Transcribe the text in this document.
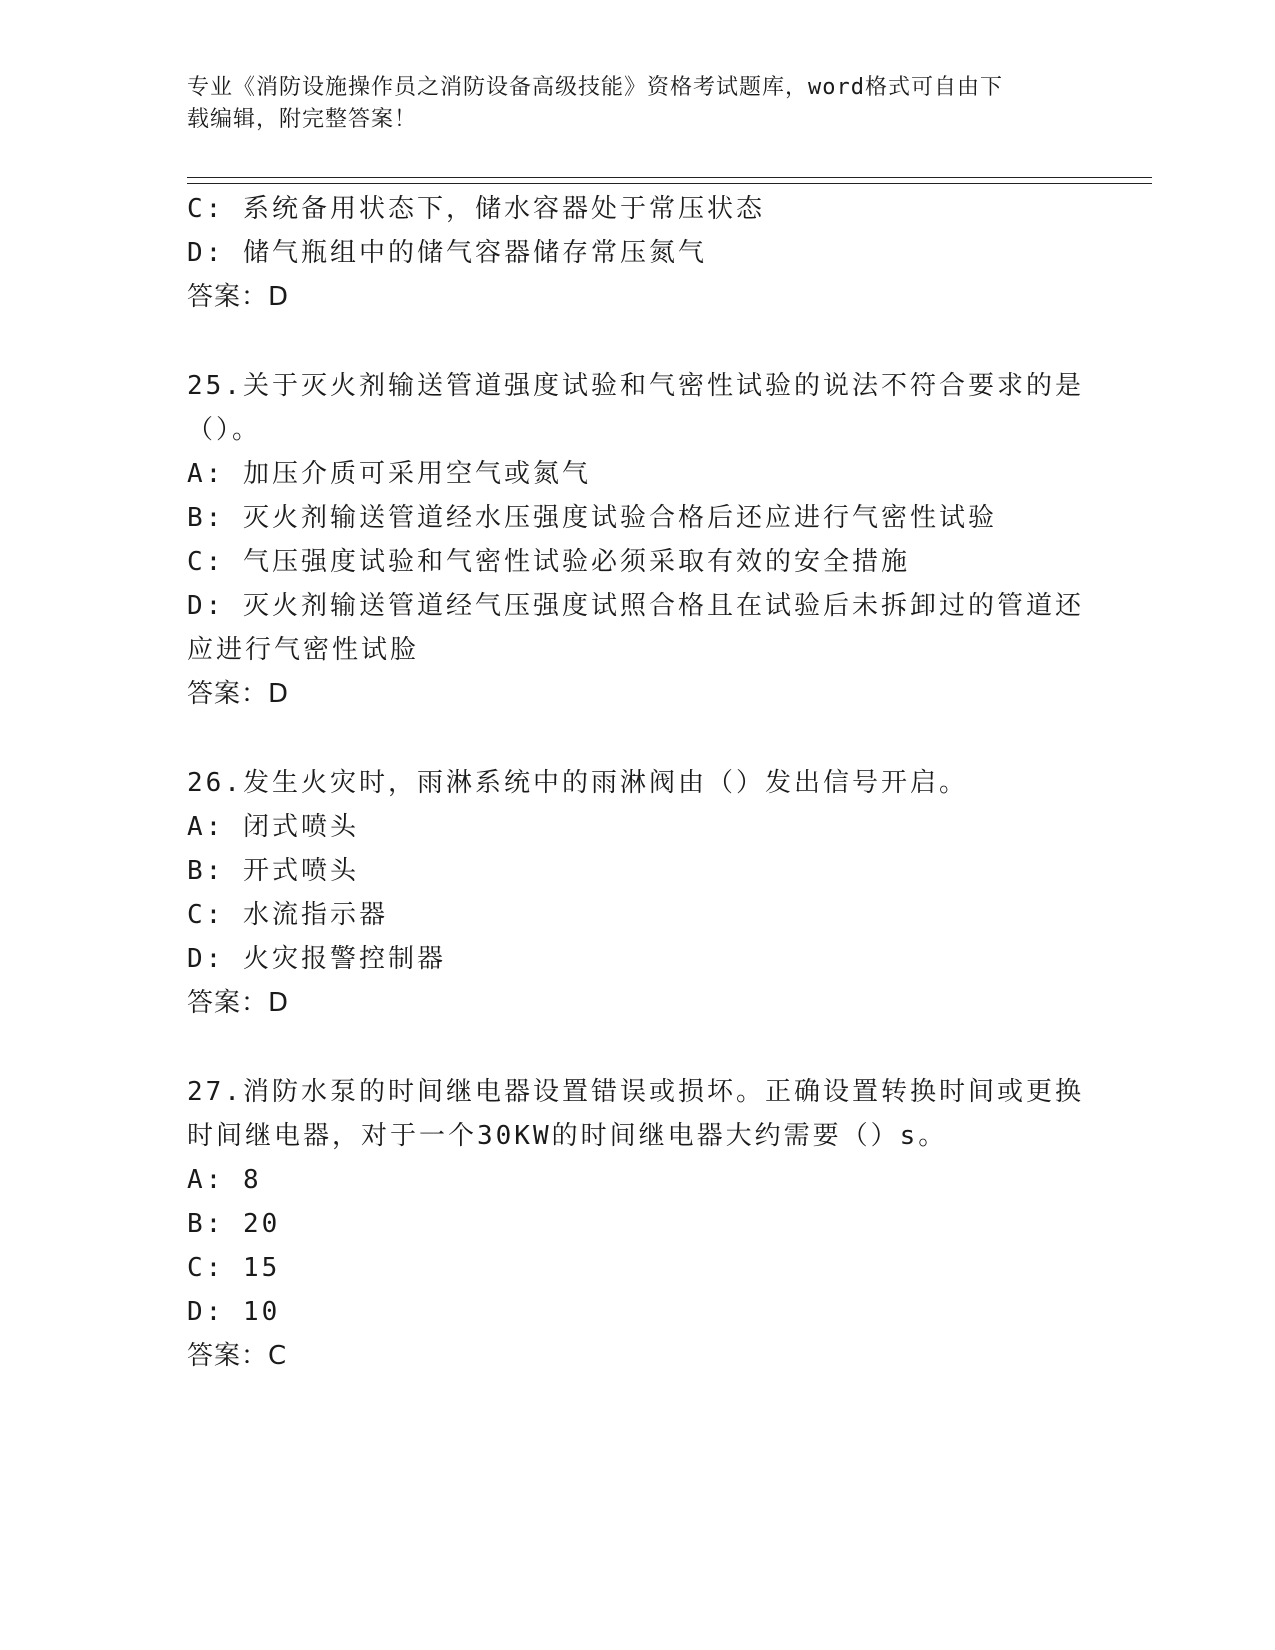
专业《消防设施操作员之消防设备高级技能》资格考试题库，word格式可自由下
载编辑，附完整答案！
C: 系统备用状态下，储水容器处于常压状态
D: 储气瓶组中的储气容器储存常压氮气
答案：D
25.关于灭火剂输送管道强度试验和气密性试验的说法不符合要求的是
（）。
A: 加压介质可采用空气或氮气
B: 灭火剂输送管道经水压强度试验合格后还应进行气密性试验
C: 气压强度试验和气密性试验必须采取有效的安全措施
D: 灭火剂输送管道经气压强度试照合格且在试验后未拆卸过的管道还
应进行气密性试脸
答案：D
26.发生火灾时，雨淋系统中的雨淋阀由（）发出信号开启。
A: 闭式喷头
B: 开式喷头
C: 水流指示器
D: 火灾报警控制器
答案：D
27.消防水泵的时间继电器设置错误或损坏。正确设置转换时间或更换
时间继电器，对于一个30KW的时间继电器大约需要（）s。
A: 8
B: 20
C: 15
D: 10
答案：C
